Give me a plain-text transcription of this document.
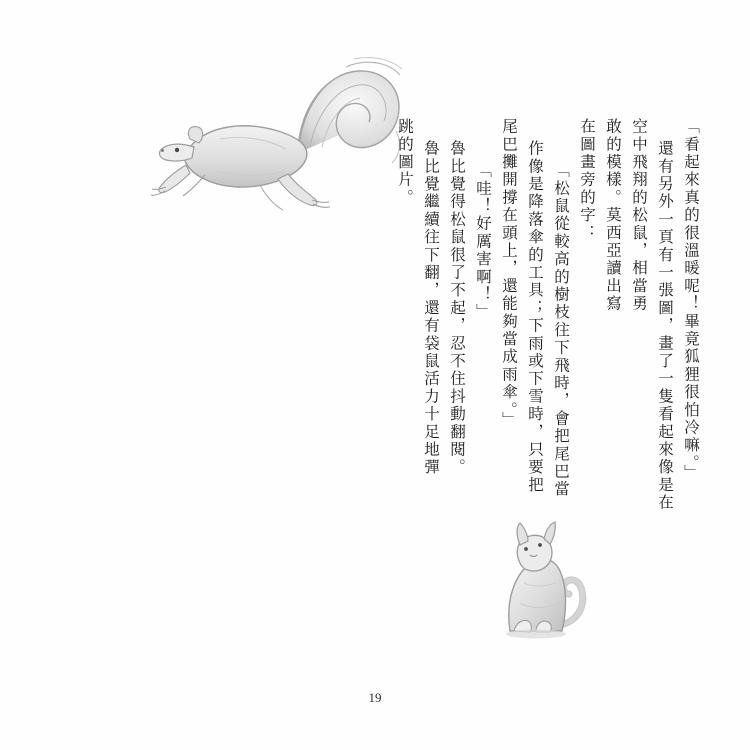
「看起來真的很溫暖呢！畢竟狐狸很怕冷嘛。」
還有另外一頁有一張圖，畫了一隻看起來像是在
空中飛翔的松鼠，相當勇
敢的模樣。莫西亞讀出寫
在圖畫旁的字：
「松鼠從較高的樹枝往下飛時，會把尾巴當
作像是降落傘的工具；下雨或下雪時，只要把
尾巴攤開撐在頭上，還能夠當成雨傘。」
「哇！好厲害啊！」
魯比覺得松鼠很了不起，忍不住抖動翻閱。
魯比覺繼續往下翻，還有袋鼠活力十足地彈
跳的圖片。
19
